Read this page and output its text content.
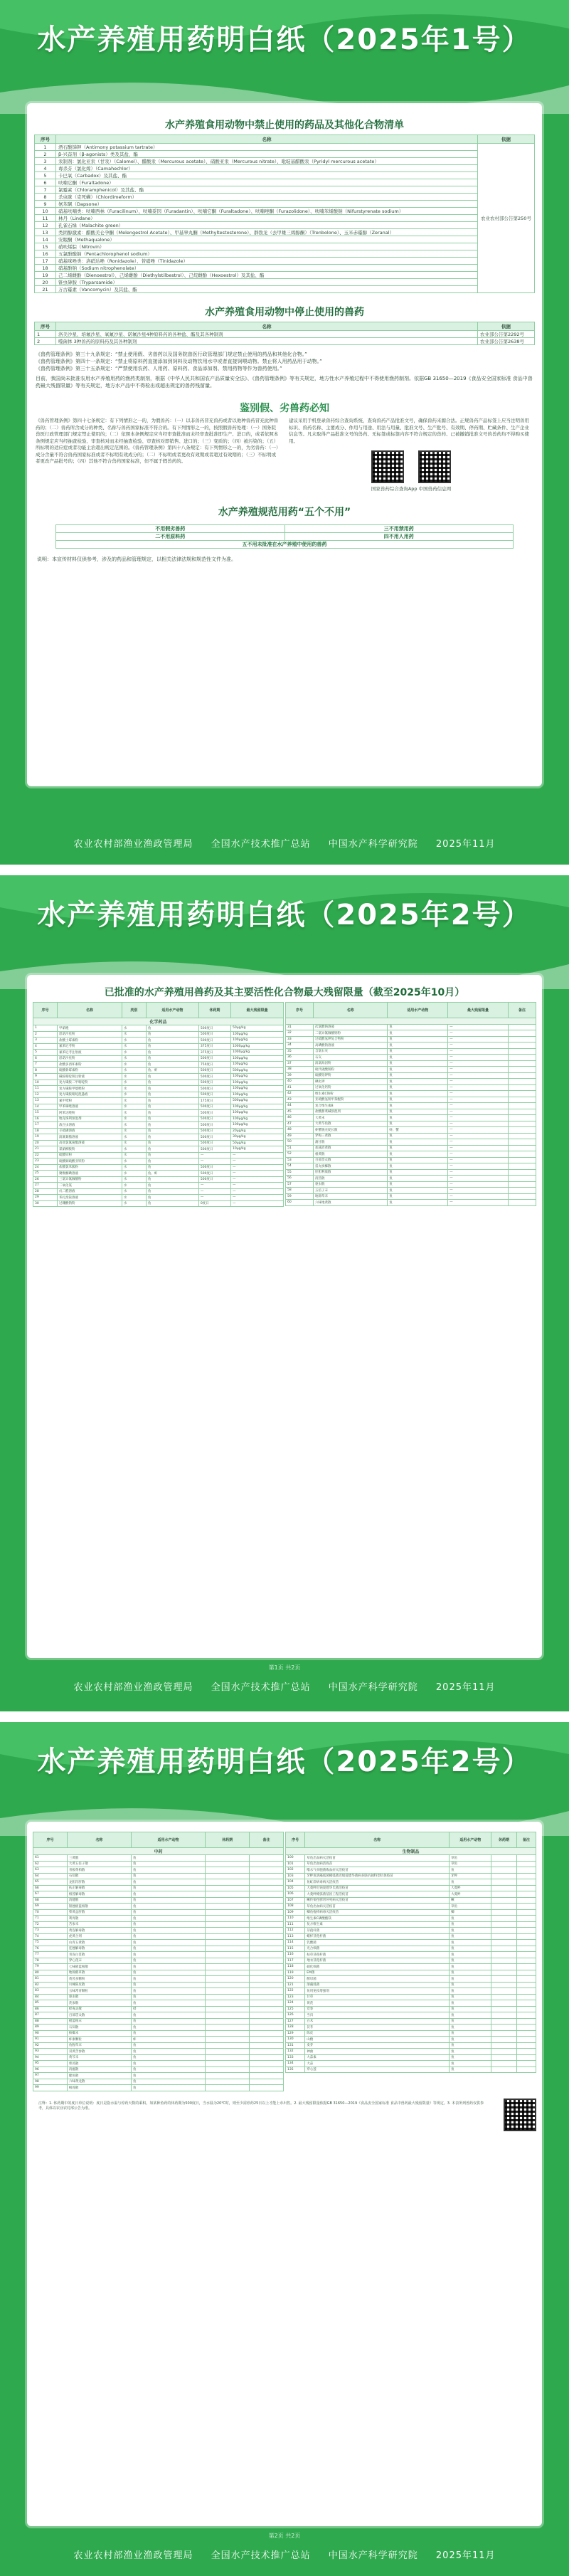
水产养殖用药明白纸（2025年1号）
水产养殖食用动物中禁止使用的药品及其他化合物清单
序号	名称	依据
1	酒石酸锑钾（Antimony potassium tartrate）	农业农村部公告第250号
2	β-兴奋剂（β-agonists）类及其盐、酯	
3	汞制剂：氯化亚汞（甘汞）（Calomel）、醋酸汞（Mercurous acetate）、硝酸亚汞（Mercurous nitrate）、吡啶基醋酸汞（Pyridyl mercurous acetate）	
4	毒杀芬（氯化烯）（Camahechlor）	
5	卡巴氧（Carbadox）及其盐、酯	
6	呋喃它酮（Furaltadone）	
7	氯霉素（Chloramphenicol）及其盐、酯	
8	杀虫脒（克死螨）（Chlordimeform）	
9	氨苯砜（Dapsone）	
10	硝基呋喃类：呋喃西林（Furacilinum）、呋喃妥因（Furadantin）、呋喃它酮（Furaltadone）、呋喃唑酮（Furazolidone）、呋喃苯烯酸钠（Nifurstyrenate sodium）	
11	林丹（Lindane）	
12	孔雀石绿（Malachite green）	
13	类固醇激素：醋酸美仑孕酮（Melengestrol Acetate）、甲基睾丸酮（Methyltestosterone）、群勃龙（去甲雄三烯醇酮）（Trenbolone）、玉米赤霉醇（Zeranal）	
14	安眠酮（Methaqualone）	
15	硝呋烯腙（Nitrovin）	
16	五氯酚酸钠（Pentachlorophenol sodium）	
17	硝基咪唑类：洛硝达唑（Ronidazole）、替硝唑（Tinidazole）	
18	硝基酚钠（Sodium nitrophenolate）	
19	己二烯雌酚（Dienoestrol）、己烯雌酚（Diethylstilbestrol）、己烷雌酚（Hexoestrol）及其盐、酯	
20	锥虫砷胺（Tryparsamide）	
21	万古霉素（Vancomycin）及其盐、酯	
水产养殖食用动物中停止使用的兽药
序号	名称	依据
1	洛美沙星、培氟沙星、氧氟沙星、诺氟沙星4种原料药的各种盐、酯及其各种制剂	农业部公告第2292号
2	噬菌体 3种兽药的原料药及其各种制剂	农业部公告第2638号

《兽药管理条例》第三十九条规定：“禁止使用假、劣兽药以及国务院兽医行政管理部门规定禁止使用的药品和其他化合物。”

《兽药管理条例》第四十一条规定：“禁止将原料药直接添加到饲料及动物饮用水中或者直接饲喂动物。禁止将人用药品用于动物。”

《兽药管理条例》第三十五条规定：“严禁使用农药、人用药、原料药、食品添加剂、禁用药物等作为兽药使用。”

目前，我国尚未批准农用水产养殖用药的渔药类制剂，根据《中华人民共和国农产品质量安全法》、《兽药管理条例》等有关规定，地方性水产养殖过程中不得使用渔药制剂。依据GB 31650—2019《食品安全国家标准 食品中兽药最大残留限量》等有关规定，地方水产品中不得检出或超出规定的兽药残留量。

鉴别假、劣兽药必知
《兽药管理条例》第四十七条规定：有下列情形之一的，为假兽药：（一）以非兽药冒充兽药或者以他种兽药冒充此种兽药的；（二）兽药所含成分的种类、名称与兽药国家标准不符合的。有下列情形之一的，按照假兽药处理：（一）国务院兽医行政管理部门规定禁止使用的；（二）依照本条例规定应当经审查批准而未经审查批准即生产、进口的，或者依照本条例规定应当经抽查检验、审查核对而未经抽查检验、审查核对即销售、进口的；（三）变质的；（四）被污染的；（五）所标明的适应症或者功能主治超出规定范围的。《兽药管理条例》第四十八条规定：有下列情形之一的，为劣兽药：（一）成分含量不符合兽药国家标准或者不标明有效成分的；（二）不标明或者更改有效期或者超过有效期的；（三）不标明或者更改产品批号的；（四）其他不符合兽药国家标准，但不属于假兽药的。
建议采用手机登录兽药综合查询系统，查询兽药产品批准文号，确保兽药来源合法。正规兽药产品标签上应当注明兽用标识、兽药名称、主要成分、作用与用途、用法与用量、批准文号、生产批号、有效期、停药期、贮藏条件、生产企业信息等。凡未取得产品批准文号的兽药、无标签或标签内容不符合规定的兽药、已被撤销批准文号的兽药均不得购买使用。
国家兽药综合查询App 中国兽药信息网
水产养殖规范用药“五个不用”
不用假劣兽药	三不用禁用药
二不用原料药	四不用人用药
五不用未批准在水产养殖中使用的兽药	
说明：本宣传材料仅供参考，涉及的药品和管理规定，以相关法律法规和规范性文件为准。
农业农村部渔业渔政管理局 全国水产技术推广总站 中国水产科学研究院 2025年11月
水产养殖用药明白纸（2025年2号）
已批准的水产养殖用兽药及其主要活性化合物最大残留限量（截至2025年10月）
序号	名称	类别	适用水产动物	休药期	最大残留限量
化学药品					
1	甲硝唑	水	鱼	500度日	50μg/kg
2	恩诺沙星粉	水	鱼	500度日	100μg/kg
3	盐酸土霉素粉	水	鱼	500度日	100μg/kg
4	氟苯尼考粉	水	鱼	375度日	1000μg/kg
5	氟苯尼考注射液	水	鱼	375度日	1000μg/kg
6	恩诺沙星粉	水	鱼	500度日	100μg/kg
7	盐酸多西环素粉	水	鱼	750度日	100μg/kg
8	硫酸新霉素粉	水	鱼、虾	500度日	500μg/kg
9	磺胺嘧啶钠注射液	水	鱼	500度日	100μg/kg
10	复方磺胺二甲嘧啶粉	水	鱼	500度日	100μg/kg
11	复方磺胺甲噁唑粉	水	鱼	500度日	100μg/kg
12	复方磺胺嘧啶混悬液	水	鱼	500度日	100μg/kg
13	氟甲喹粉	水	鱼	175度日	500μg/kg
14	甲苯咪唑溶液	水	鱼	500度日	100μg/kg
15	阿苯达唑粉	水	鱼	500度日	100μg/kg
16	地克珠利预混剂	水	鱼	500度日	100μg/kg
17	敌百虫溶液	水	鱼	500度日	100μg/kg
18	辛硫磷溶液	水	鱼	500度日	20μg/kg
19	溴氰菊酯溶液	水	鱼	500度日	30μg/kg
20	高效氯氰菊酯溶液	水	鱼	500度日	50μg/kg
21	氯硝柳胺粉	水	鱼	500度日	10μg/kg
22	硫酸锌粉	水	鱼	—	—
23	硫酸铜硫酸亚铁粉	水	鱼	—	—
24	盐酸氯苯胍粉	水	鱼	500度日	—
25	聚维酮碘溶液	水	鱼、虾	500度日	—
26	三氯异氰脲酸粉	水	鱼	500度日	—
27	二氧化氯	水	鱼	—	—
28	戊二醛溶液	水	鱼	—	—
29	苯扎溴铵溶液	水	鱼	—	—
30	过硼酸钠粉	水	鱼	0度日	—
序号	名称	适用水产动物	最大残留限量	备注

31	次氯酸钠溶液	鱼	—	
32	二氯异氰脲酸钠粉	鱼	—	
33	过硫酸氢钾复合物粉	鱼	—	
34	高碘酸钠溶液	鱼	—	
35	含氯石灰	鱼	—	
36	石灰	鱼	—	
37	溴氯海因粉	鱼	—	
38	硫代硫酸钠粉	鱼	—	
39	硫酸铝钾粉	鱼	—	
40	碘化钾	鱼	—	
41	过氧化钙粉	鱼	—	
42	维生素C钠粉	鱼	—	
43	亚硫酸氢钠甲萘醌粉	鱼	—	
44	复合维生素B	鱼	—	
45	盐酸甜菜碱预混剂	鱼	—	
46	大黄末	鱼	—	
47	大黄芩鱼散	鱼	—	
48	虾蟹脱壳促长散	虾、蟹	—	
49	穿梅三黄散	鱼	—	
50	蒲甘散	鱼	—	
51	加减消黄散	鱼	—	
52	板黄散	鱼	—	
53	百部贯众散	鱼	—	
54	雷丸槟榔散	鱼	—	
55	肝胆利康散	鱼	—	
56	清热散	鱼	—	
57	驱虫散	鱼	—	
58	五倍子末	鱼	—	
59	地锦草末	鱼	—	
60	六味地黄散	鱼	—	
第1页 共2页
农业农村部渔业渔政管理局 全国水产技术推广总站 中国水产科学研究院 2025年11月
水产养殖用药明白纸（2025年2号）
序号	名称	适用水产动物	休药期	备注
中药				
61	三黄散	鱼		
62	大黄五倍子散	鱼		
63	青板黄柏散	鱼		
64	石知散	鱼		
65	龙胆泻肝散	鱼		
66	扶正解毒散	鱼		
67	根莲解毒散	鱼		
68	清健散	鱼		
69	银翘板蓝根散	鱼		
70	柴黄益肝散	鱼		
71	利胃散	鱼		
72	苦参末	鱼		
73	黄连解毒散	鱼		
74	虎黄合剂	鱼		
75	山青五黄散	鱼		
76	连翘解毒散	鱼		
77	青连白贯散	鱼		
78	穿心莲末	鱼		
79	七味板蓝根散	鱼		
80	地锦鹤草散	鱼		
81	黄芪多糖粉	鱼		
82	川楝陈皮散	鱼		
83	五味常青颗粒	鱼		
84	驱虫散	鱼		
85	芪参散	鱼		
86	蚌毒灵散	蚌		
87	百部贯众散	鱼		
88	板蓝根末	鱼		
89	石知散	鱼		
90	槟榔末	鱼		
91	虾康颗粒	虾		
92	鱼腥草末	鱼		
93	双黄苦参散	鱼		
94	黄芩末	鱼		
95	柴芪散	鱼		
96	清瘟散	鱼		
97	健鱼散	鱼		
98	六味黄龙散	鱼		
99	根莲散	鱼		
序号	名称	适用水产动物	休药期	备注
生物制品				
100	草鱼出血病灭活疫苗	草鱼		
101	草鱼出血病活疫苗	草鱼		
102	嗜水气单胞菌败血症灭活疫苗	鱼		
103	牙鲆鱼溶藻弧菌鳗弧菌迟缓爱德华菌病多联抗独特型抗体疫苗	牙鲆		
104	鱼虹彩病毒病灭活疫苗	鱼		
105	大菱鲆迟钝爱德华氏菌活疫苗	大菱鲆		
106	大菱鲆鳗弧菌基因工程活疫苗	大菱鲆		
107	鳜传染性脾肾坏死病灭活疫苗	鳜		
108	草鱼出血病灭活疫苗	草鱼		
109	鲫鱼疱疹病毒灭活疫苗	鲫		
110	维生素C磷酸酯镁	鱼		
111	复方维生素	鱼		
112	芽孢杆菌	鱼		
113	蜡样芽孢杆菌	鱼		
114	乳酸菌	鱼		
115	光合细菌	鱼		
116	枯草芽孢杆菌	鱼		
117	地衣芽孢杆菌	鱼		
118	硝化细菌	鱼		
119	EM菌	鱼		
120	酵母菌	鱼		
121	溶藻弧菌	鱼		
122	鱼用免疫增强剂	鱼		
123	甘草	鱼		
124	黄芪	鱼		
125	党参	鱼		
126	当归	鱼		
127	白术	鱼		
128	茯苓	鱼		
129	陈皮	鱼		
130	山楂	鱼		
131	麦芽	鱼		
132	神曲	鱼		
133	大蒜素	鱼		
134	大蒜	鱼		
135	穿心莲	鱼		
注释：1. 休药期中的度日单位说明：度日是指水温与停药天数的乘积。如某种鱼药的休药期为500度日，当水温为20℃时，则至少需停药25日以上才能上市出售。2. 最大残留限量依据GB 31650—2019《食品安全国家标准 食品中兽药最大残留限量》等规定。3. 本表所列兽药仅供参考，具体以农业农村部公告为准。
第2页 共2页
农业农村部渔业渔政管理局 全国水产技术推广总站 中国水产科学研究院 2025年11月
